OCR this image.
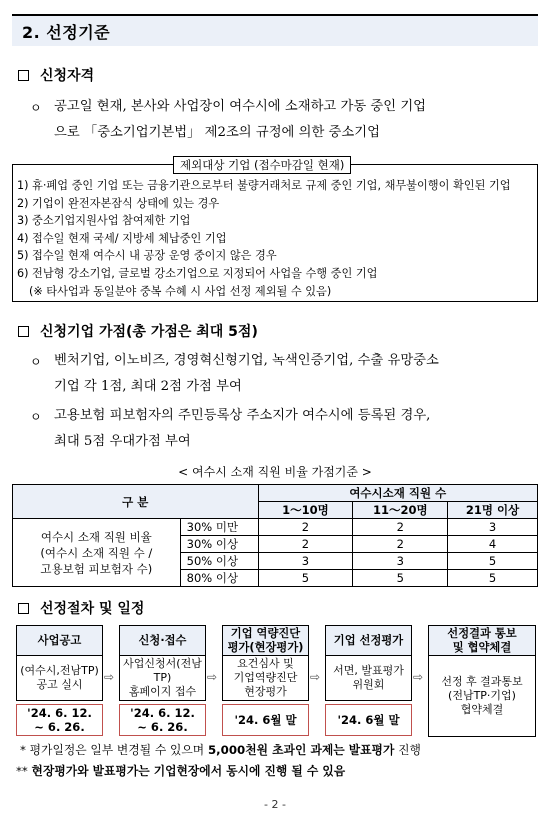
2. 선정기준
신청자격
ㅇ 공고일 현재, 본사와 사업장이 여수시에 소재하고 가동 중인 기업
으로 「중소기업기본법」 제2조의 규정에 의한 중소기업
제외대상 기업 (접수마감일 현재)
1) 휴·폐업 중인 기업 또는 금융기관으로부터 불량거래처로 규제 중인 기업, 채무불이행이 확인된 기업
2) 기업이 완전자본잠식 상태에 있는 경우
3) 중소기업지원사업 참여제한 기업
4) 접수일 현재 국세/ 지방세 체납중인 기업
5) 접수일 현재 여수시 내 공장 운영 중이지 않은 경우
6) 전남형 강소기업, 글로벌 강소기업으로 지정되어 사업을 수행 중인 기업
(※ 타사업과 동일분야 중복 수혜 시 사업 선정 제외될 수 있음)
신청기업 가점(총 가점은 최대 5점)
ㅇ 벤처기업, 이노비즈, 경영혁신형기업, 녹색인증기업, 수출 유망중소
기업 각 1점, 최대 2점 가점 부여
ㅇ 고용보험 피보험자의 주민등록상 주소지가 여수시에 등록된 경우,
최대 5점 우대가점 부여
< 여수시 소재 직원 비율 가점기준 >
구 분		여수시소재 직원 수		
		1～10명	11～20명	21명 이상

여수시 소재 직원 비율
(여수시 소재 직원 수 /
고용보험 피보험자 수)	30% 미만	2	2	3
	30% 이상	2	2	4
	50% 이상	3	3	5
	80% 이상	5	5	5
선정절차 및 일정
사업공고
(여수시,전남TP)
공고 실시
'24. 6. 12.
~ 6. 26.
⇨
신청·접수
사업신청서(전남TP)
홈페이지 접수
'24. 6. 12.
~ 6. 26.
⇨
기업 역량진단
평가(현장평가)
요건심사 및
기업역량진단
현장평가
'24. 6월 말
⇨
기업 선정평가
서면, 발표평가
위원회
'24. 6월 말
⇨
선정결과 통보
및 협약체결
선정 후 결과통보
(전남TP·기업)
협약체결
* 평가일정은 일부 변경될 수 있으며 5,000천원 초과인 과제는 발표평가 진행
** 현장평가와 발표평가는 기업현장에서 동시에 진행 될 수 있음
- 2 -
